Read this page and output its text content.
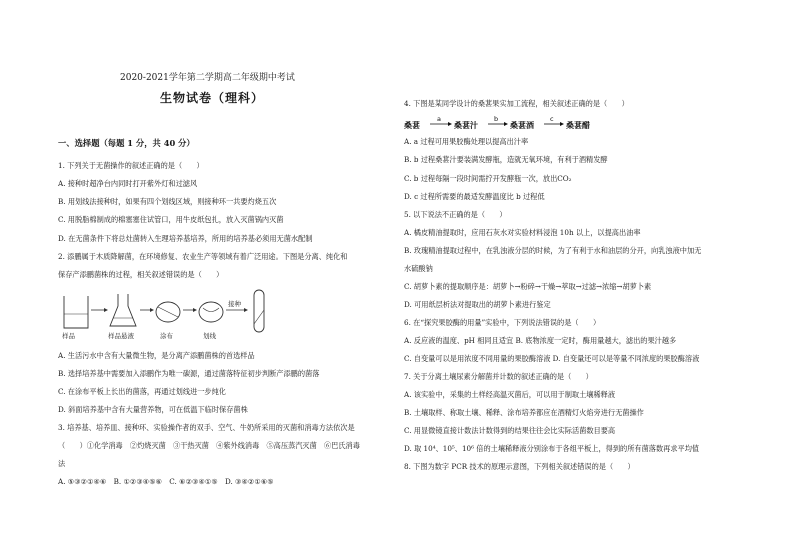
2020-2021学年第二学期高二年级期中考试
生物试卷（理科）
一、选择题（每题 1 分，共 40 分）
1. 下列关于无菌操作的叙述正确的是（　　）
A. 接种时超净台内同时打开紫外灯和过滤风
B. 用划线法接种时，如果有四个划线区域，则接种环一共要灼烧五次
C. 用脱脂棉制成的棉塞塞住试管口，用牛皮纸包扎，放入灭菌锅内灭菌
D. 在无菌条件下将总灶菌转入生理培养基培养，所用的培养基必须用无菌水配制
2. 添鹏属于木质降解菌，在环境修复、农业生产等领域有着广泛用途。下图是分离、纯化和
保存产添鹏菌株的过程，相关叙述错误的是（　　）
样品	样品悬液	涂布	划线
接种
A. 生活污水中含有大量微生物，是分离产添鹏菌株的首选样品
B. 选择培养基中需要加入添鹏作为唯一碳源，通过菌落特征初步判断产添鹏的菌落
C. 在涂布平板上长出的菌落，再通过划线进一步纯化
D. 斜面培养基中含有大量营养物，可在低温下临时保存菌株
3. 培养基、培养皿、接种环、实验操作者的双手、空气、牛奶所采用的灭菌和消毒方法依次是
（　　）①化学消毒　②灼烧灭菌　③干热灭菌　④紫外线消毒　⑤高压蒸汽灭菌　⑥巴氏消毒
法
A. ⑤③②①④⑥　B. ①②③④⑤⑥　C. ⑥②③④①⑤　D. ③④②①⑥⑤
4. 下图是某同学设计的桑葚果实加工流程，相关叙述正确的是（　　）
桑葚
a
桑葚汁
b
桑葚酒
c
桑葚醋
A. a 过程可用果胶酶处理以提高出汁率
B. b 过程桑葚汁要装满发酵瓶，造就无氧环境，有利于酒精发酵
C. b 过程每隔一段时间需拧开发酵瓶一次，放出CO₂
D. c 过程所需要的最适发酵温度比 b 过程低
5. 以下说法不正确的是（　　）
A. 橘皮精油提取时，应用石灰水对实验材料浸泡 10h 以上，以提高出油率
B. 玫瑰精油提取过程中，在乳浊液分层的时候，为了有利于水和油层的分开，向乳浊液中加无
水硫酸钠
C. 胡萝卜素的提取顺序是：胡萝卜→粉碎→干燥→萃取→过滤→浓缩→胡萝卜素
D. 可用纸层析法对提取出的胡萝卜素进行鉴定
6. 在“探究果胶酶的用量”实验中，下列说法错误的是（　　）
A. 反应液的温度、pH 相同且适宜 B. 底物浓度一定时，酶用量越大，滤出的果汁越多
C. 自变量可以是用浓度不同用量的果胶酶溶液 D. 自变量还可以是等量不同浓度的果胶酶溶液
7. 关于分离土壤尿素分解菌并计数的叙述正确的是（　　）
A. 该实验中，采集的土样经高温灭菌后，可以用于制取土壤稀释液
B. 土壤取样、称取土壤、稀释、涂布培养都应在酒精灯火焰旁进行无菌操作
C. 用显微镜直接计数法计数得到的结果往往会比实际活菌数目要高
D. 取 10⁴、10⁵、10⁶ 倍的土壤稀释液分别涂布于各组平板上，得到的所有菌落数再求平均值
8. 下图为数字 PCR 技术的原理示意图，下列相关叙述错误的是（　　）
